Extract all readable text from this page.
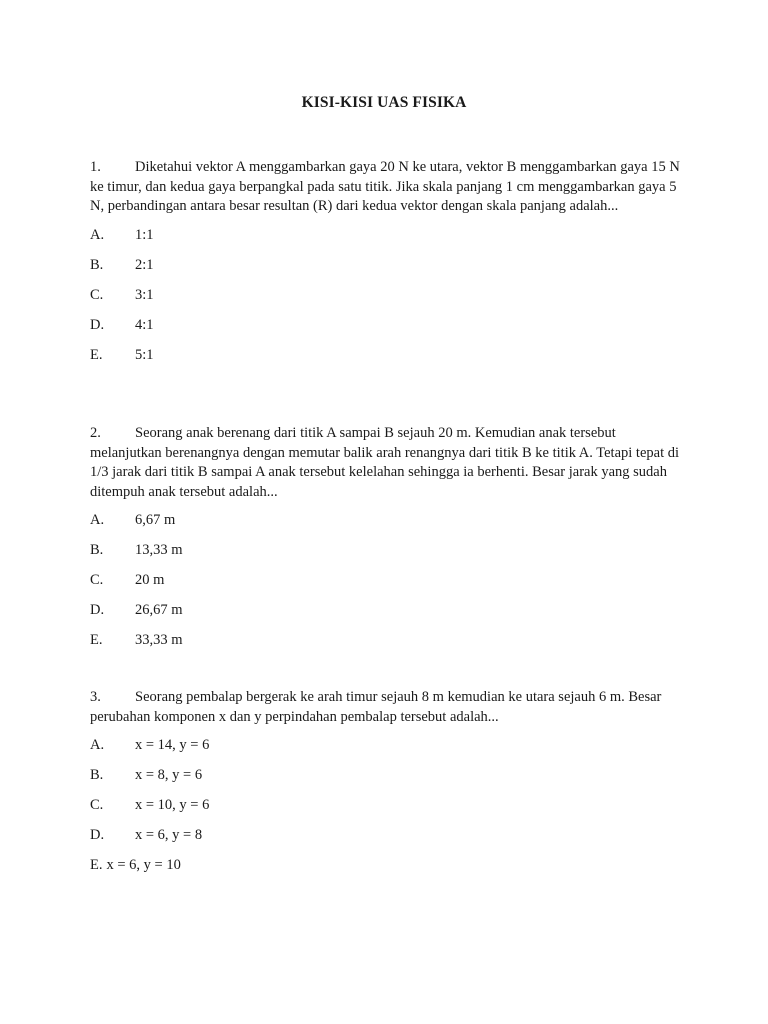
KISI-KISI UAS FISIKA

1. Diketahui vektor A menggambarkan gaya 20 N ke utara, vektor B menggambarkan gaya 15 N ke timur, dan kedua gaya berpangkal pada satu titik. Jika skala panjang 1 cm menggambarkan gaya 5 N, perbandingan antara besar resultan (R) dari kedua vektor dengan skala panjang adalah...

A. 1:1
B. 2:1
C. 3:1
D. 4:1
E. 5:1

2. Seorang anak berenang dari titik A sampai B sejauh 20 m. Kemudian anak tersebut melanjutkan berenangnya dengan memutar balik arah renangnya dari titik B ke titik A. Tetapi tepat di 1/3 jarak dari titik B sampai A anak tersebut kelelahan sehingga ia berhenti. Besar jarak yang sudah ditempuh anak tersebut adalah...

A. 6,67 m
B. 13,33 m
C. 20 m
D. 26,67 m
E. 33,33 m

3. Seorang pembalap bergerak ke arah timur sejauh 8 m kemudian ke utara sejauh 6 m. Besar perubahan komponen x dan y perpindahan pembalap tersebut adalah...

A. x = 14, y = 6
B. x = 8, y = 6
C. x = 10, y = 6
D. x = 6, y = 8
E. x = 6, y = 10
